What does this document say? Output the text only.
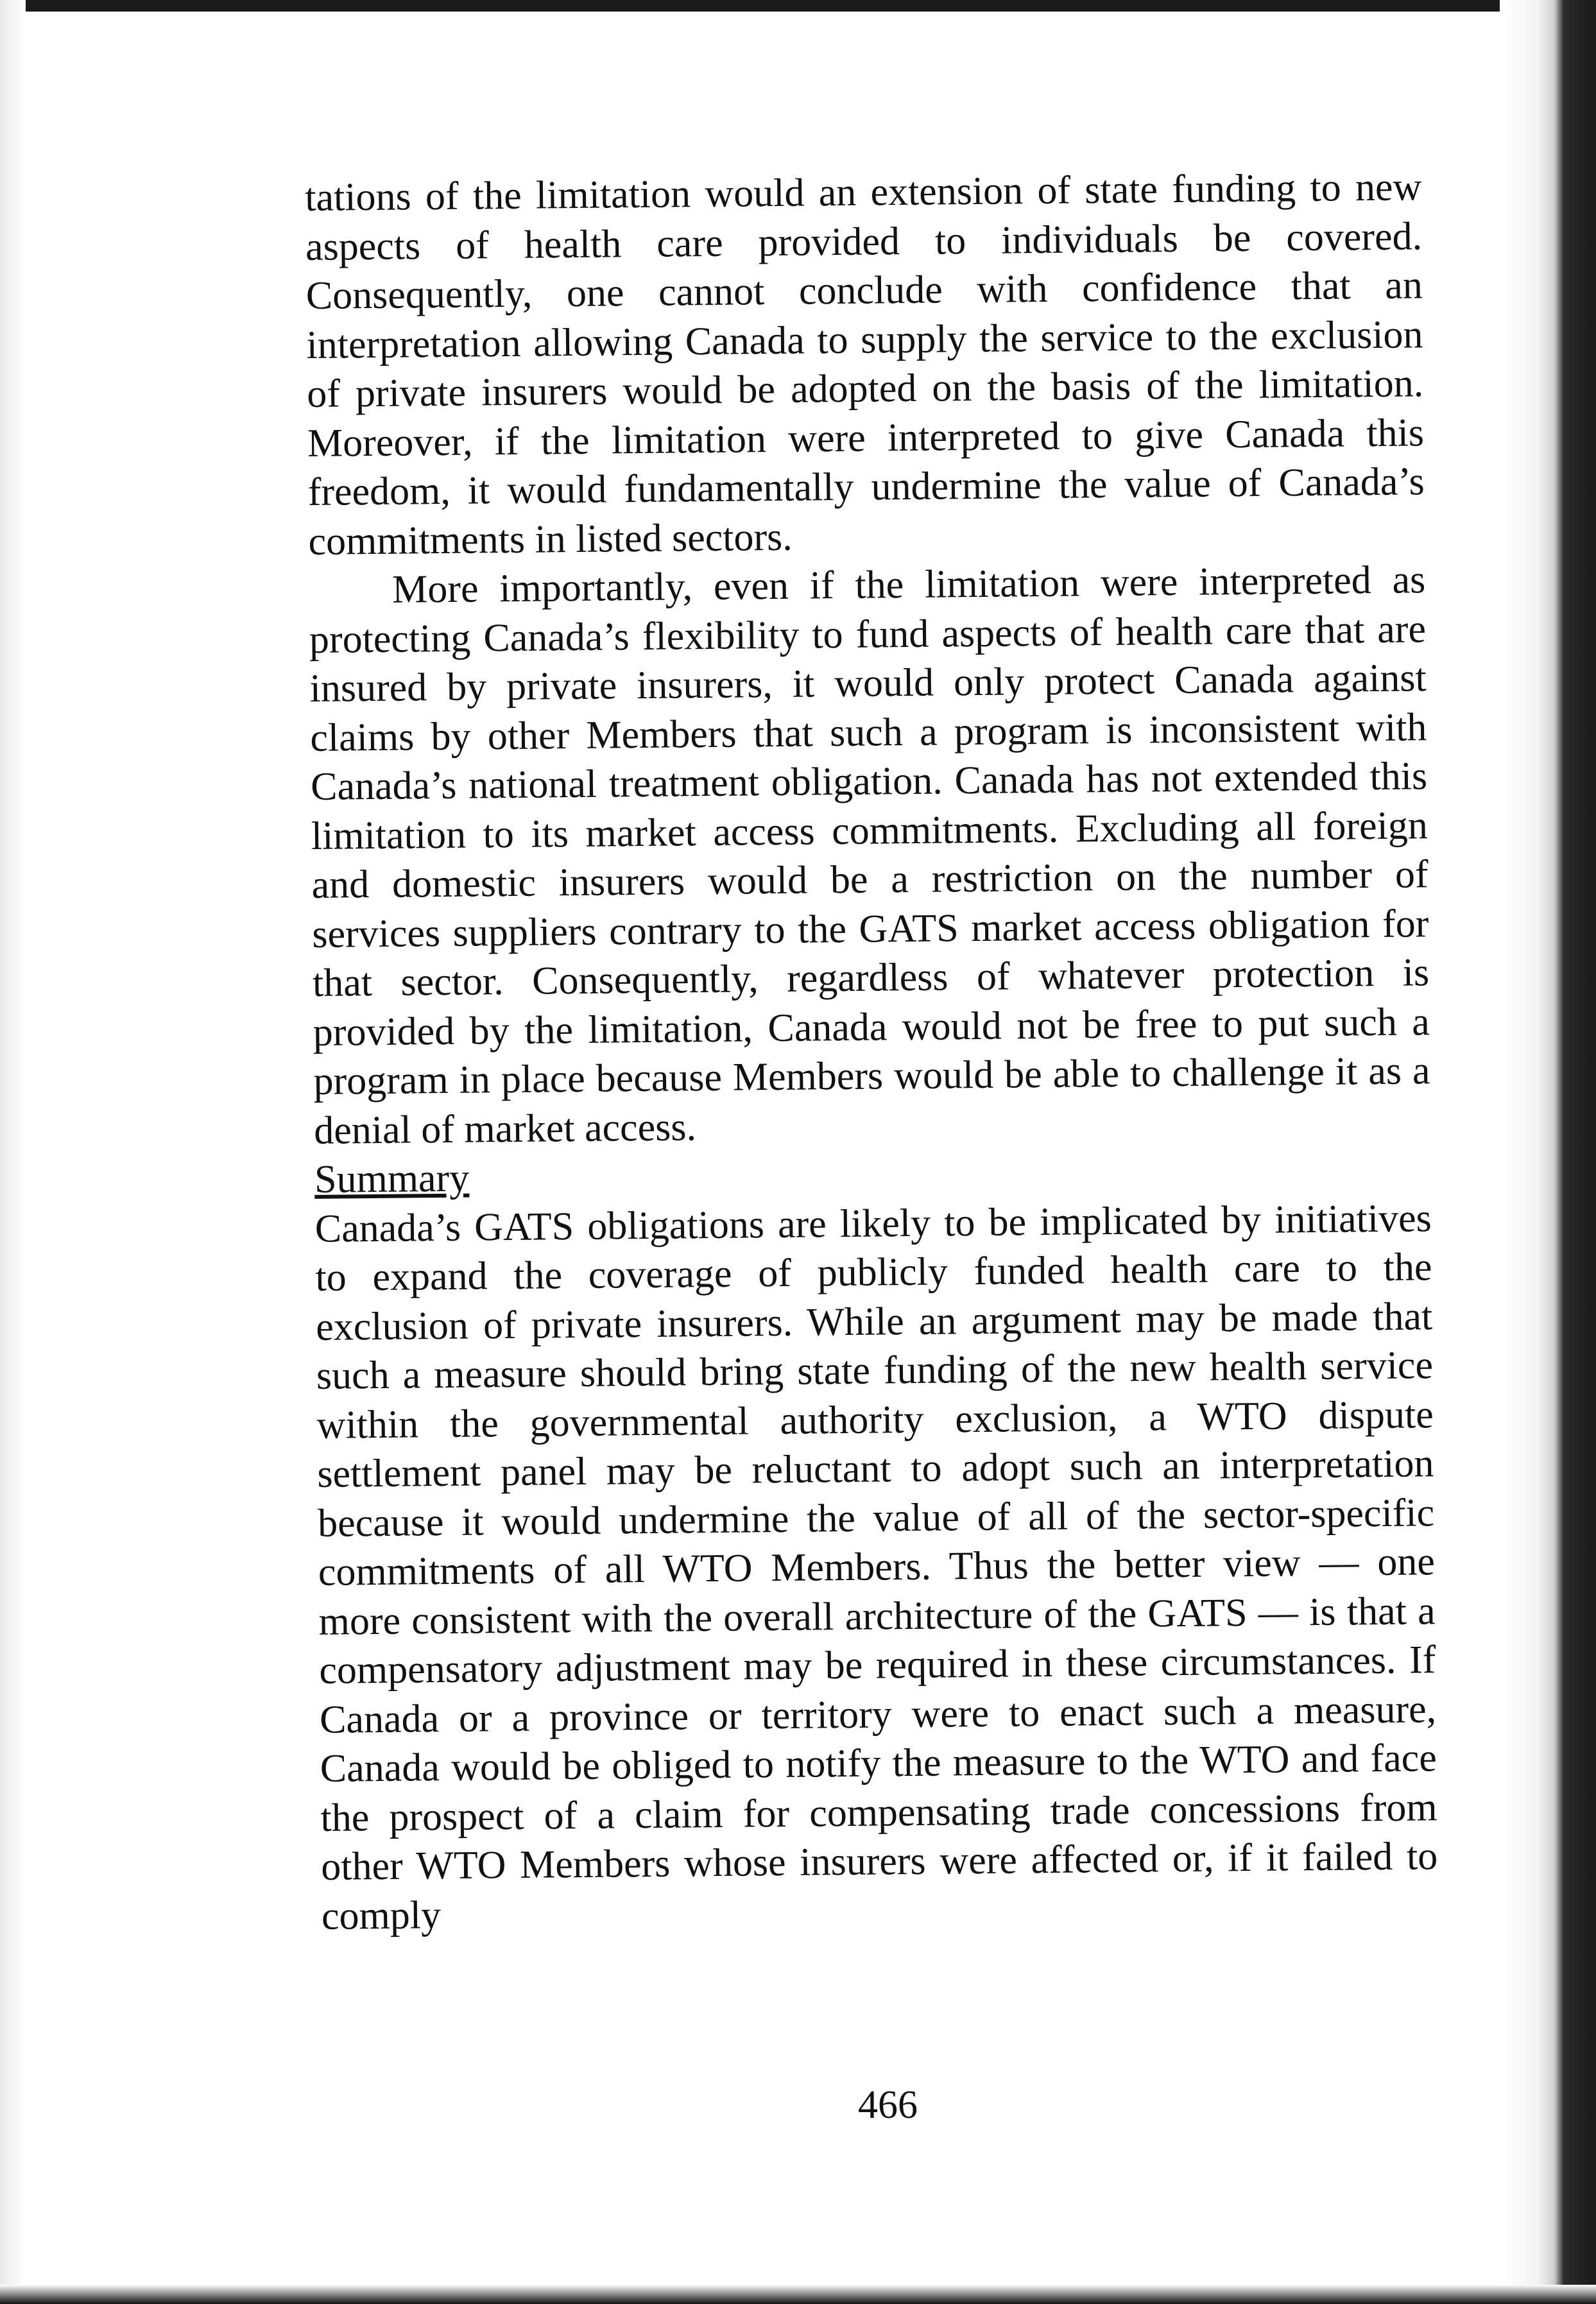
tations of the limitation would an extension of state funding to new aspects of health care provided to individuals be covered. Consequently, one cannot conclude with confidence that an interpretation allowing Canada to supply the service to the exclusion of private insurers would be adopted on the basis of the limitation. Moreover, if the limitation were interpreted to give Canada this freedom, it would fundamentally undermine the value of Canada’s commitments in listed sectors.

More importantly, even if the limitation were interpreted as protecting Canada’s flexibility to fund aspects of health care that are insured by private insurers, it would only protect Canada against claims by other Members that such a program is inconsistent with Canada’s national treatment obligation. Canada has not extended this limitation to its market access commitments. Excluding all foreign and domestic insurers would be a restriction on the number of services suppliers contrary to the GATS market access obligation for that sector. Consequently, regardless of whatever protection is provided by the limitation, Canada would not be free to put such a program in place because Members would be able to challenge it as a denial of market access.

Summary

Canada’s GATS obligations are likely to be implicated by initiatives to expand the coverage of publicly funded health care to the exclusion of private insurers. While an argument may be made that such a measure should bring state funding of the new health service within the governmental authority exclusion, a WTO dispute settlement panel may be reluctant to adopt such an interpretation because it would undermine the value of all of the sector-specific commitments of all WTO Members. Thus the better view — one more consistent with the overall architecture of the GATS — is that a compensatory adjustment may be required in these circumstances. If Canada or a province or territory were to enact such a measure, Canada would be obliged to notify the measure to the WTO and face the prospect of a claim for compensating trade concessions from other WTO Members whose insurers were affected or, if it failed to comply

466
